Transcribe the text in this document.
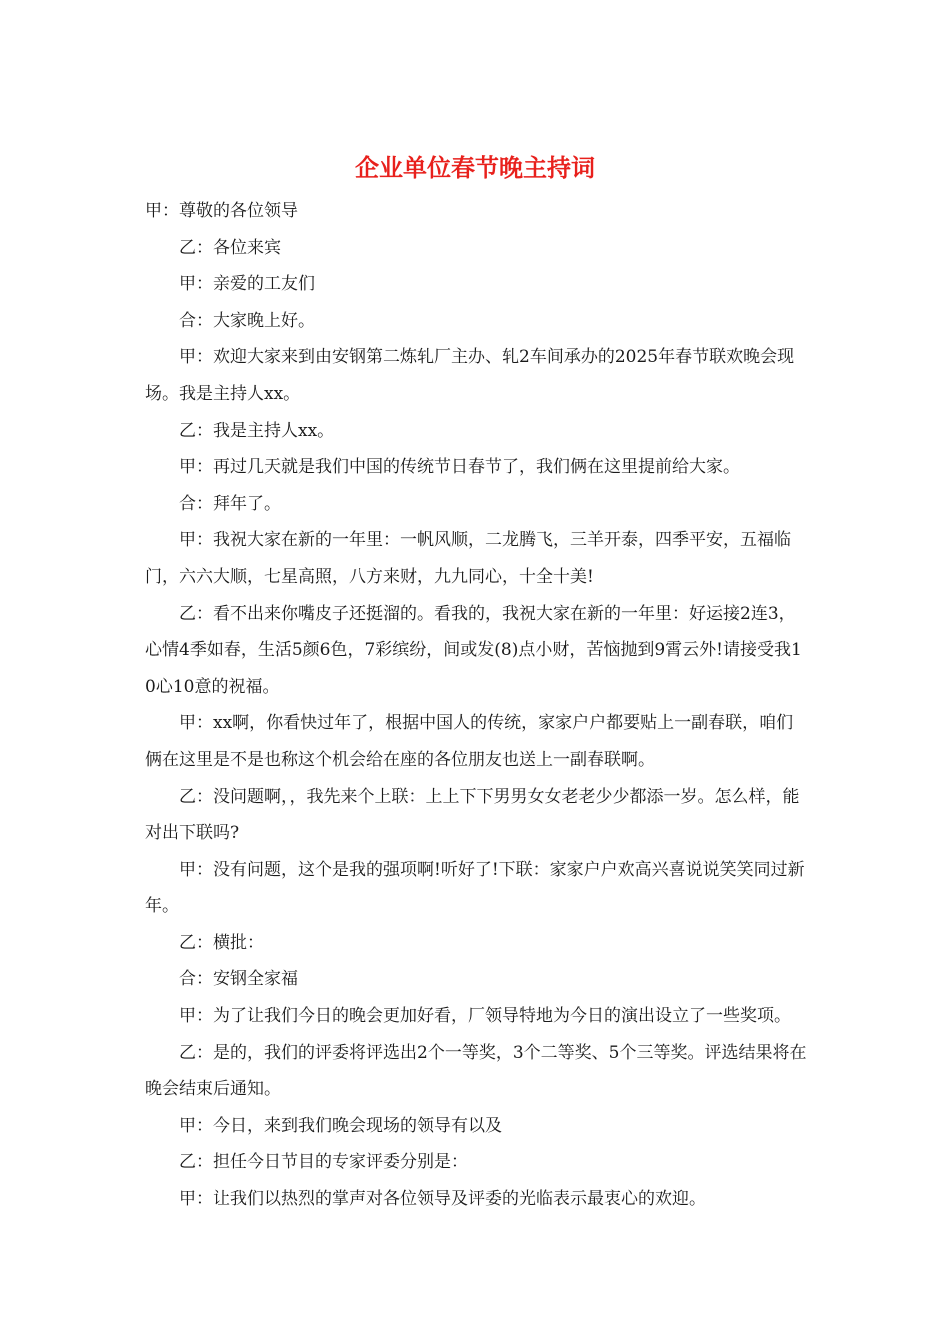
企业单位春节晚主持词

甲：尊敬的各位领导

乙：各位来宾

甲：亲爱的工友们

合：大家晚上好。

甲：欢迎大家来到由安钢第二炼轧厂主办、轧2车间承办的2025年春节联欢晚会现场。我是主持人xx。

乙：我是主持人xx。

甲：再过几天就是我们中国的传统节日春节了，我们俩在这里提前给大家。

合：拜年了。

甲：我祝大家在新的一年里：一帆风顺，二龙腾飞，三羊开泰，四季平安，五福临门，六六大顺，七星高照，八方来财，九九同心，十全十美!

乙：看不出来你嘴皮子还挺溜的。看我的，我祝大家在新的一年里：好运接2连3，心情4季如春，生活5颜6色，7彩缤纷，间或发(8)点小财，苦恼抛到9霄云外!请接受我10心10意的祝福。

甲：xx啊，你看快过年了，根据中国人的传统，家家户户都要贴上一副春联，咱们俩在这里是不是也称这个机会给在座的各位朋友也送上一副春联啊。

乙：没问题啊，，我先来个上联：上上下下男男女女老老少少都添一岁。怎么样，能对出下联吗?

甲：没有问题，这个是我的强项啊!听好了!下联：家家户户欢高兴喜说说笑笑同过新年。

乙：横批：

合：安钢全家福

甲：为了让我们今日的晚会更加好看，厂领导特地为今日的演出设立了一些奖项。

乙：是的，我们的评委将评选出2个一等奖，3个二等奖、5个三等奖。评选结果将在晚会结束后通知。

甲：今日，来到我们晚会现场的领导有以及

乙：担任今日节目的专家评委分别是：

甲：让我们以热烈的掌声对各位领导及评委的光临表示最衷心的欢迎。
